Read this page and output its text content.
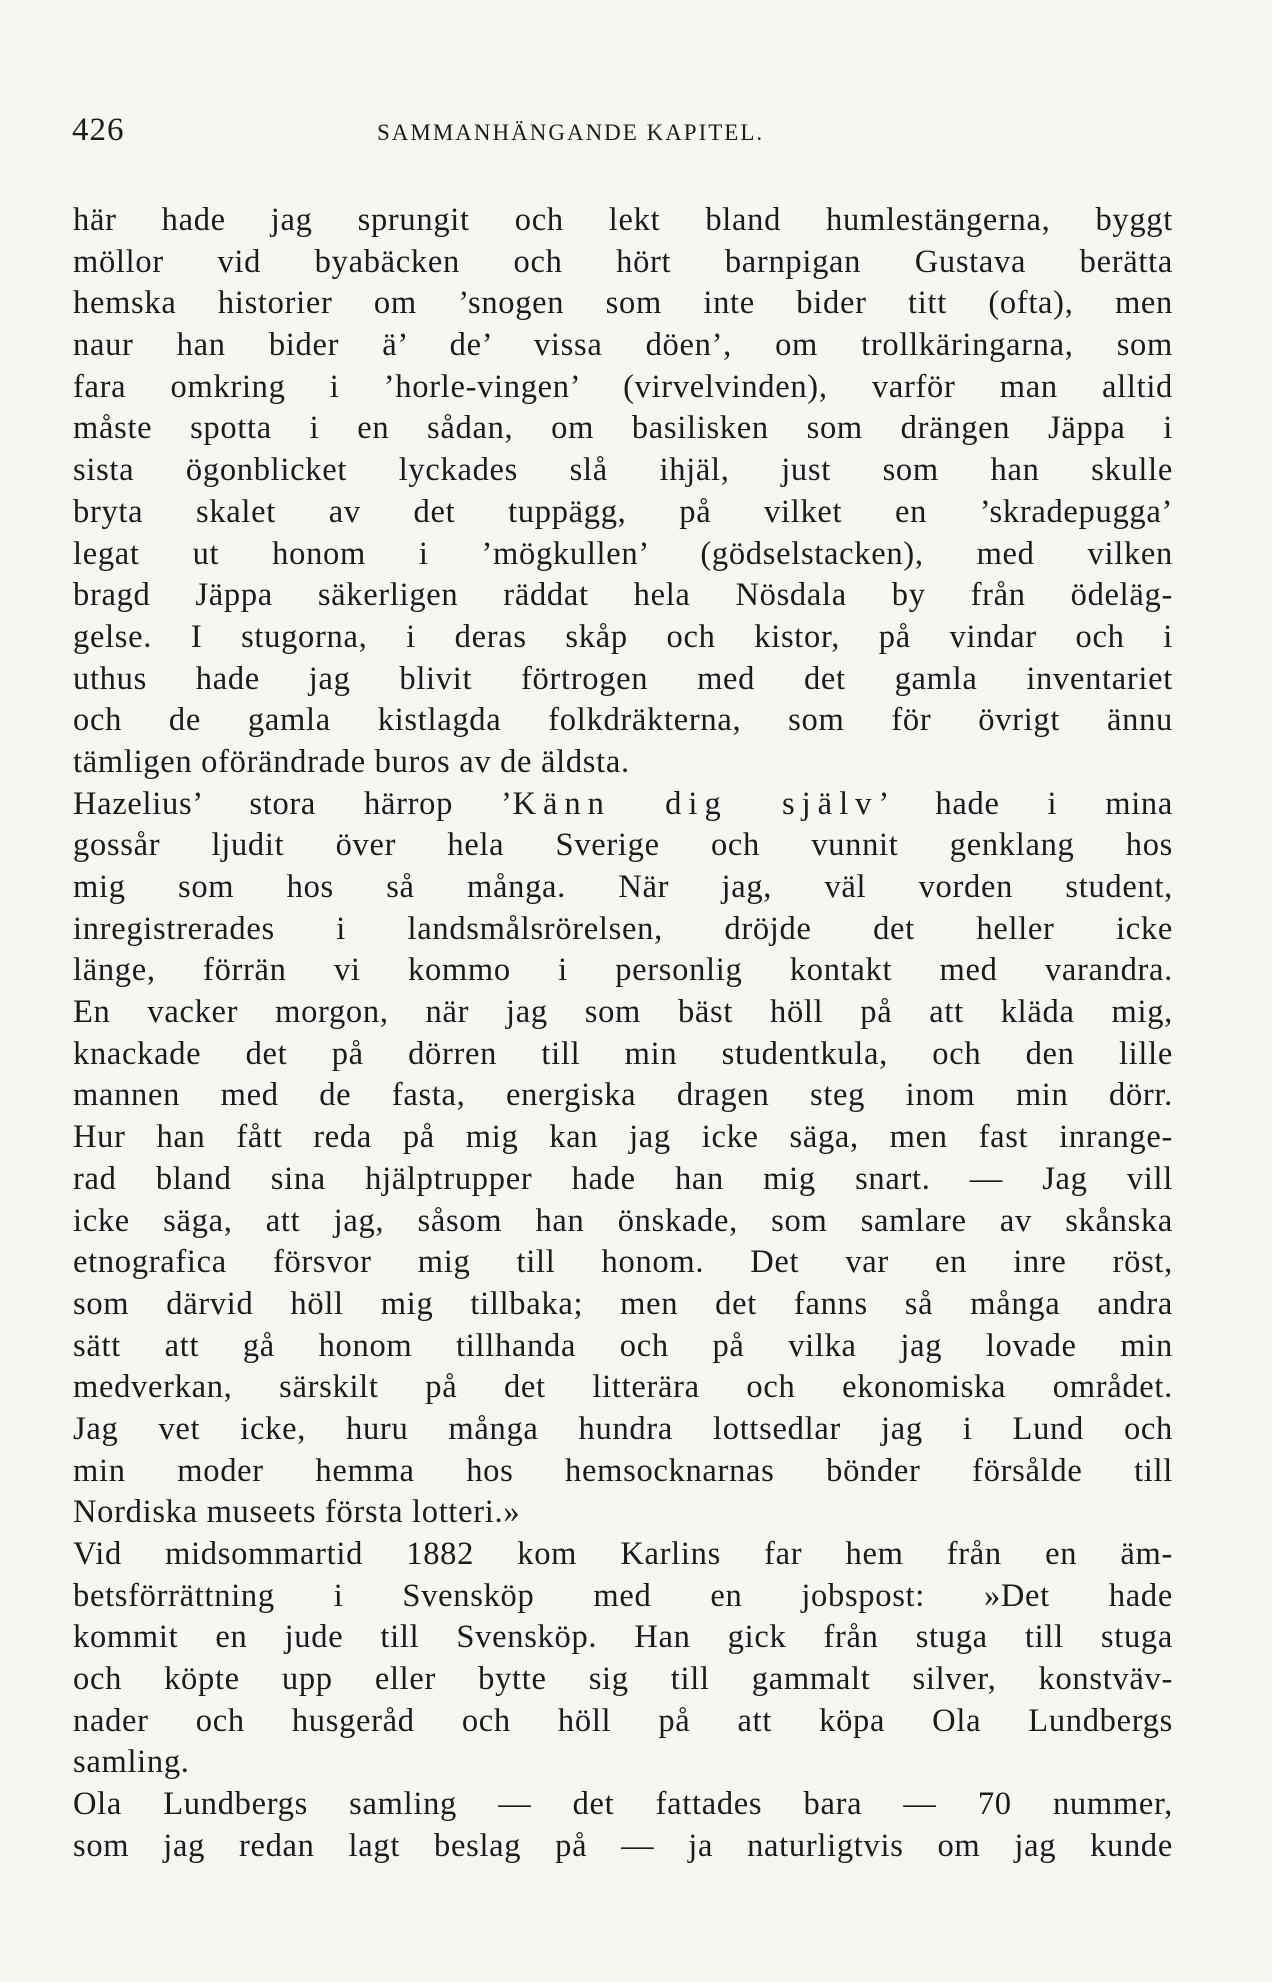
426	SAMMANHÄNGANDE KAPITEL.
här hade jag sprungit och lekt bland humlestängerna, byggt
möllor vid byabäcken och hört barnpigan Gustava berätta
hemska historier om ’snogen som inte bider titt (ofta), men
naur han bider ä’ de’ vissa döen’, om trollkäringarna, som
fara omkring i ’horle-vingen’ (virvelvinden), varför man alltid
måste spotta i en sådan, om basilisken som drängen Jäppa i
sista ögonblicket lyckades slå ihjäl, just som han skulle
bryta skalet av det tuppägg, på vilket en ’skradepugga’
legat ut honom i ’mögkullen’ (gödselstacken), med vilken
bragd Jäppa säkerligen räddat hela Nösdala by från ödeläg-
gelse. I stugorna, i deras skåp och kistor, på vindar och i
uthus hade jag blivit förtrogen med det gamla inventariet
och de gamla kistlagda folkdräkterna, som för övrigt ännu
tämligen oförändrade buros av de äldsta.
Hazelius’ stora härrop ’Känn dig själv’ hade i mina
gossår ljudit över hela Sverige och vunnit genklang hos
mig som hos så många. När jag, väl vorden student,
inregistrerades i landsmålsrörelsen, dröjde det heller icke
länge, förrän vi kommo i personlig kontakt med varandra.
En vacker morgon, när jag som bäst höll på att kläda mig,
knackade det på dörren till min studentkula, och den lille
mannen med de fasta, energiska dragen steg inom min dörr.
Hur han fått reda på mig kan jag icke säga, men fast inrange-
rad bland sina hjälptrupper hade han mig snart. — Jag vill
icke säga, att jag, såsom han önskade, som samlare av skånska
etnografica försvor mig till honom. Det var en inre röst,
som därvid höll mig tillbaka; men det fanns så många andra
sätt att gå honom tillhanda och på vilka jag lovade min
medverkan, särskilt på det litterära och ekonomiska området.
Jag vet icke, huru många hundra lottsedlar jag i Lund och
min moder hemma hos hemsocknarnas bönder försålde till
Nordiska museets första lotteri.»
Vid midsommartid 1882 kom Karlins far hem från en äm-
betsförrättning i Svensköp med en jobspost: »Det hade
kommit en jude till Svensköp. Han gick från stuga till stuga
och köpte upp eller bytte sig till gammalt silver, konstväv-
nader och husgeråd och höll på att köpa Ola Lundbergs
samling.
Ola Lundbergs samling — det fattades bara — 70 nummer,
som jag redan lagt beslag på — ja naturligtvis om jag kunde
